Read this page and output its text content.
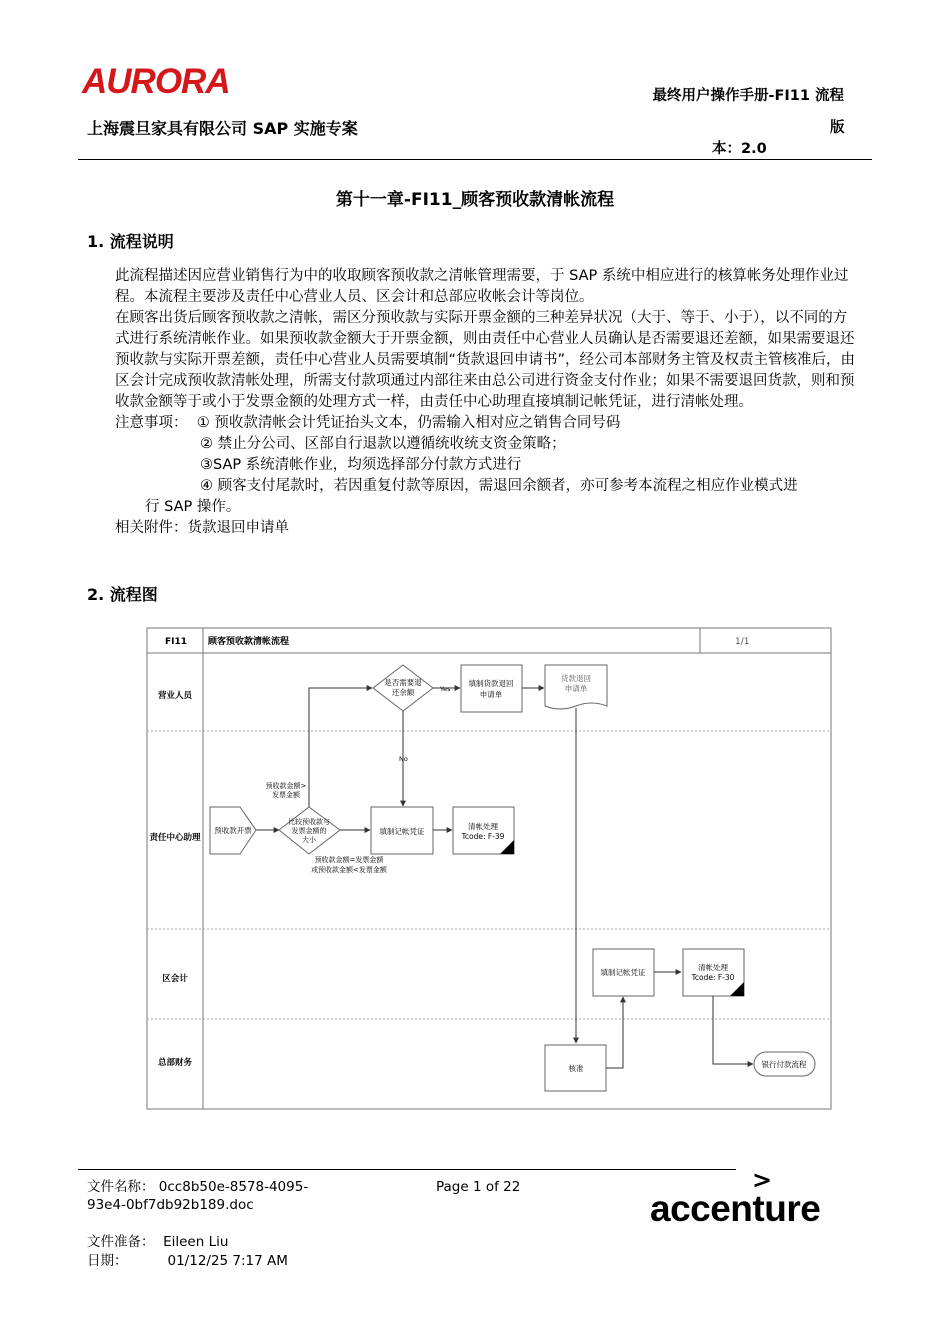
AURORA
上海震旦家具有限公司 SAP 实施专案
最终用户操作手册-FI11 流程
版
本：2.0
第十一章-FI11_顾客预收款清帐流程
1. 流程说明

此流程描述因应营业销售行为中的收取顾客预收款之清帐管理需要，于 SAP 系统中相应进行的核算帐务处理作业过程。本流程主要涉及责任中心营业人员、区会计和总部应收帐会计等岗位。

在顾客出货后顾客预收款之清帐，需区分预收款与实际开票金额的三种差异状况（大于、等于、小于），以不同的方式进行系统清帐作业。如果预收款金额大于开票金额，则由责任中心营业人员确认是否需要退还差额，如果需要退还预收款与实际开票差额，责任中心营业人员需要填制“货款退回申请书”，经公司本部财务主管及权责主管核准后，由区会计完成预收款清帐处理，所需支付款项通过内部往来由总公司进行资金支付作业；如果不需要退回货款，则和预收款金额等于或小于发票金额的处理方式一样，由责任中心助理直接填制记帐凭证，进行清帐处理。

注意事项： ① 预收款清帐会计凭证抬头文本，仍需输入相对应之销售合同号码

② 禁止分公司、区部自行退款以遵循统收统支资金策略；

③SAP 系统清帐作业，均须选择部分付款方式进行

④ 顾客支付尾款时，若因重复付款等原因，需退回余额者，亦可参考本流程之相应作业模式进

行 SAP 操作。

相关附件：货款退回申请单

2. 流程图
FI11 顾客预收款清帐流程	1/1
营业人员
责任中心助理
区会计
总部财务
是否需要退
还余额	Yes
填制货款退回
申请单
货款退回
申请单
No
预收款开票
比较预收款与
发票金额的
大小
预收款金额>
发票金额
预收款金额=发票金额
或预收款金额<发票金额
填制记帐凭证
清帐处理
Tcode: F-39
填制记帐凭证
清帐处理
Tcode: F-30
核准	银行付款流程
文件名称： 0cc8b50e-8578-4095-
93e4-0bf7db92b189.doc
Page 1 of 22
文件准备： Eileen Liu
日期：	01/12/25 7:17 AM
>
accenture
